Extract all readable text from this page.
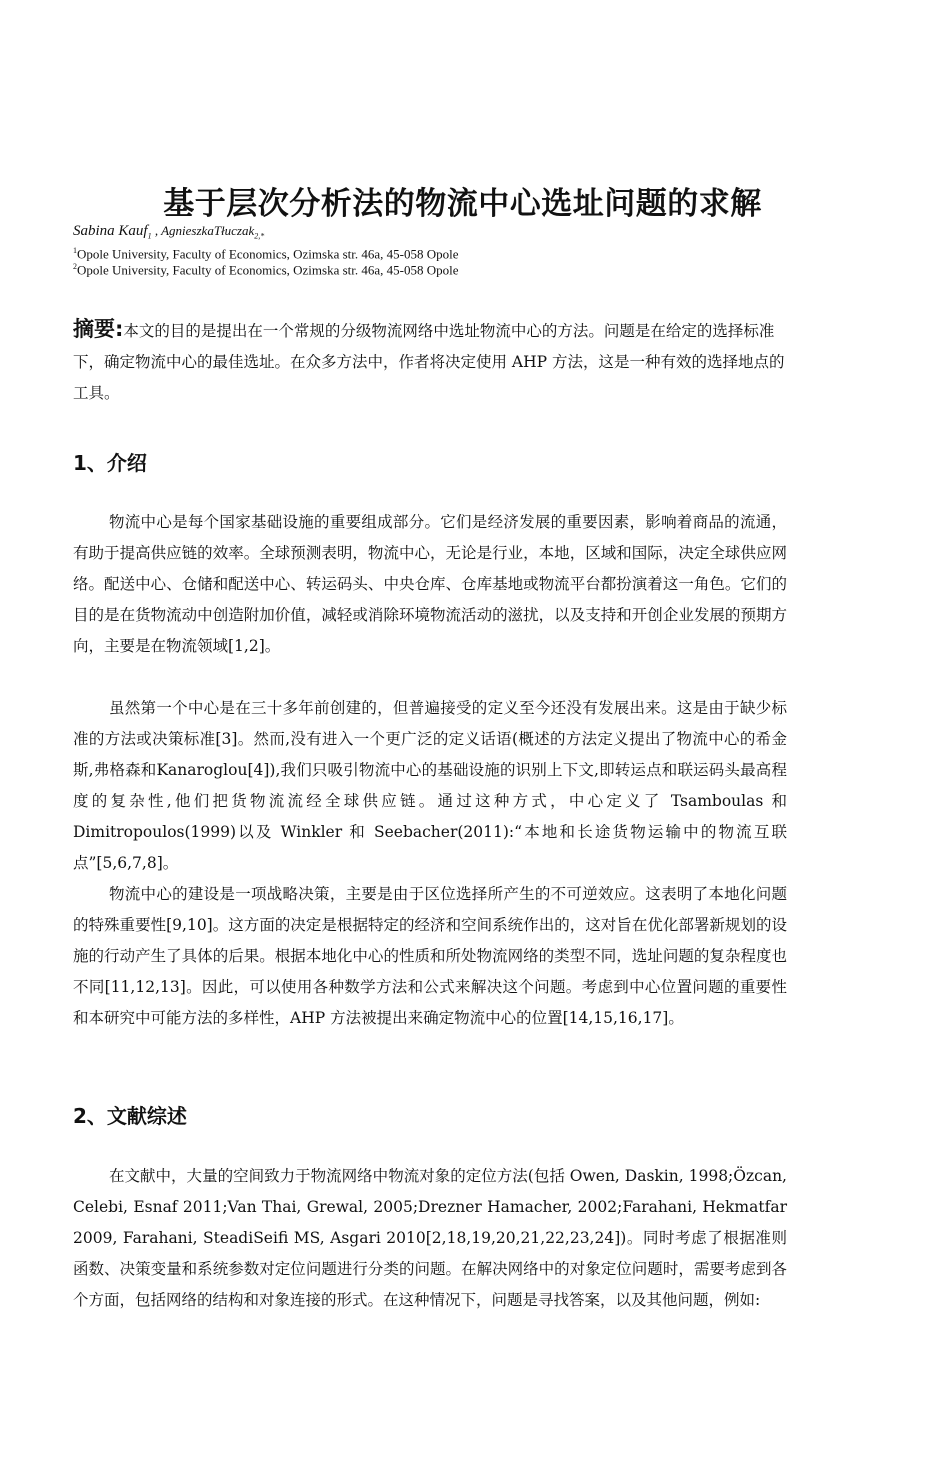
基于层次分析法的物流中心选址问题的求解
Sabina Kauf$_1$ , AgnieszkaTłuczak$_{2,*}$
$^1$Opole University, Faculty of Economics, Ozimska str. 46a, 45-058 Opole
$^2$Opole University, Faculty of Economics, Ozimska str. 46a, 45-058 Opole
摘要:本文的目的是提出在一个常规的分级物流网络中选址物流中心的方法。问题是在给定的选择标准下，确定物流中心的最佳选址。在众多方法中，作者将决定使用 AHP 方法，这是一种有效的选择地点的工具。
1、介绍

物流中心是每个国家基础设施的重要组成部分。它们是经济发展的重要因素，影响着商品的流通，有助于提高供应链的效率。全球预测表明，物流中心，无论是行业，本地，区域和国际，决定全球供应网络。配送中心、仓储和配送中心、转运码头、中央仓库、仓库基地或物流平台都扮演着这一角色。它们的目的是在货物流动中创造附加价值，减轻或消除环境物流活动的滋扰，以及支持和开创企业发展的预期方向，主要是在物流领域[1,2]。

虽然第一个中心是在三十多年前创建的，但普遍接受的定义至今还没有发展出来。这是由于缺少标准的方法或决策标准[3]。然而,没有进入一个更广泛的定义话语(概述的方法定义提出了物流中心的希金斯,弗格森和Kanaroglou[4]),我们只吸引物流中心的基础设施的识别上下文,即转运点和联运码头最高程度的复杂性,他们把货物流流经全球供应链。通过这种方式，中心定义了 Tsamboulas 和 Dimitropoulos(1999)以及 Winkler 和 Seebacher(2011):“本地和长途货物运输中的物流互联点”[5,6,7,8]。

物流中心的建设是一项战略决策，主要是由于区位选择所产生的不可逆效应。这表明了本地化问题的特殊重要性[9,10]。这方面的决定是根据特定的经济和空间系统作出的，这对旨在优化部署新规划的设施的行动产生了具体的后果。根据本地化中心的性质和所处物流网络的类型不同，选址问题的复杂程度也不同[11,12,13]。因此，可以使用各种数学方法和公式来解决这个问题。考虑到中心位置问题的重要性和本研究中可能方法的多样性，AHP 方法被提出来确定物流中心的位置[14,15,16,17]。

2、文献综述

在文献中，大量的空间致力于物流网络中物流对象的定位方法(包括 Owen, Daskin, 1998;Özcan, Celebi, Esnaf 2011;Van Thai, Grewal, 2005;Drezner Hamacher, 2002;Farahani, Hekmatfar 2009, Farahani, SteadiSeifi MS, Asgari 2010[2,18,19,20,21,22,23,24])。同时考虑了根据准则函数、决策变量和系统参数对定位问题进行分类的问题。在解决网络中的对象定位问题时，需要考虑到各个方面，包括网络的结构和对象连接的形式。在这种情况下，问题是寻找答案，以及其他问题，例如:
